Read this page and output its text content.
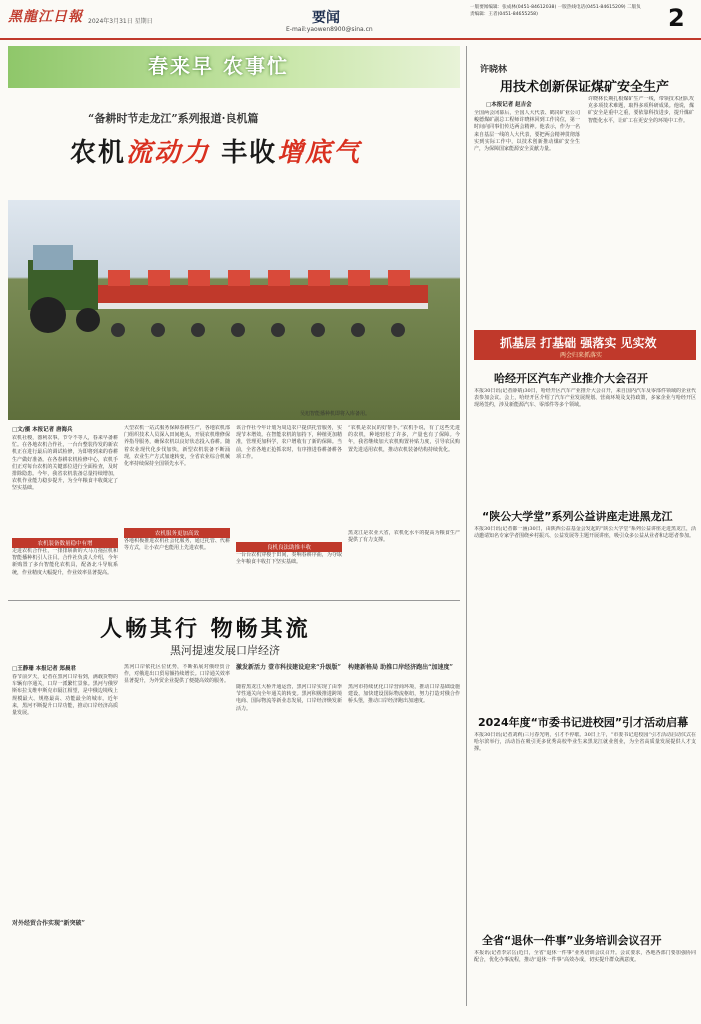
黑龍江日報 2024年3月31日 星期日	要闻
E-mail:yaowen8900@sina.cn
一版要闻编辑：张成林(0451-84612038) 一版热线电话(0451-84615209) 二版负责编辑：王者(0451-84655258)	2
春来早 农事忙
“备耕时节走龙江”系列报道·良机篇
农机流动力 丰收增底气
吴旭智能播种机即将入库备用。
□文/摄 本报记者 唐海兵
农机社稷，器利农事。节令不等人，春来早备耕忙。在各地农机合作社，一台台整装待发的新农机正在进行最后的调试检修，为即将到来的春耕生产做好准备。在各春耕农机检修中心，农机手们正对每台农机的关键部位进行全面检查，及时排除隐患。今年，我省农机装备总量持续增加，农机作业能力稳步提升，为全年粮食丰收奠定了坚实基础。
农机装备数量稳中有增
走进农机合作社，一排排崭新的大马力拖拉机和智能播种机引人注目。合作社负责人介绍，今年新购置了多台智能化农机具，配备北斗导航系统，作业精度大幅提升，作业效率显著提高。
大型农机一站式服务保障春耕生产，各地农机部门组织技术人员深入田间地头，开展农机维修保养指导服务，确保农机以良好状态投入春耕。随着农业现代化步伐加快，新型农机装备不断涌现，农业生产方式加速转变，全省农业综合机械化率持续保持全国领先水平。
农机服务更加高效
各地积极推进农机社会化服务，通过托管、代耕等方式，让小农户也能用上先进农机。
该合作社今年计划为周边农户提供托管服务，实现节本增效。在智能农机的加持下，种植更加精准，管理更加科学，农户增收有了新的保障。当前，全省各地正抢抓农时，有序推进春耕备耕各项工作。
良机良法助推丰收
一台台农机穿梭于田间，奏响春耕序曲，为夺取全年粮食丰收打下坚实基础。
“农机是农民的好帮手。”农机手说，有了这些先进的农机，种地轻松了许多，产量也有了保障。今年，我省继续加大农机购置补贴力度，引导农民购置先进适用农机，推动农机装备结构持续优化。
黑龙江是农业大省，农机化水平的提高为粮食生产提供了有力支撑。
许晓林
用技术创新保证煤矿安全生产
□本报记者 赵吉会
全国两会闭幕后，全国人大代表、鹤岗矿业公司峻德煤矿副总工程师许晓林回到工作岗位，第一时间向同事们传达两会精神。他表示，作为一名来自基层一线的人大代表，要把两会精神贯彻落实到实际工作中，以技术创新推动煤矿安全生产，为保障国家能源安全贡献力量。
许晓林长期扎根煤矿生产一线，带领技术团队攻克多项技术难题，取得多项科研成果。他说，煤矿安全是重中之重，要依靠科技进步，提升煤矿智能化水平，让矿工在更安全的环境中工作。
抓基层 打基础 强落实 见实效
两会归来抓落实
哈经开区汽车产业推介大会召开
本报30日讯(记者薛婧)30日，哈经开区汽车产业推介大会召开，来自国内汽车及零部件领域的企业代表参加会议。会上，哈经开区介绍了汽车产业发展规划、营商环境及支持政策，多家企业与哈经开区现场签约，涉及新能源汽车、零部件等多个领域。
“陕公大学堂”系列公益讲座走进黑龙江
本报30日讯(记者都一涵)30日，由陕西公益基金会发起的“陕公大学堂”系列公益讲座走进黑龙江，活动邀请知名专家学者围绕乡村振兴、公益发展等主题开展讲座，吸引众多公益从业者和志愿者参加。
2024年度“市委书记进校园”引才活动启幕
本报30日讯(记者刘莉)三月春光明，引才不停歇。30日上午，“市委书记进校园”引才活动启动仪式在哈尔滨举行，活动旨在吸引更多优秀高校毕业生来黑龙江就业创业，为全省高质量发展提供人才支撑。
全省“退休一件事”业务培训会议召开
本报讯(记者李宗岳)近日，全省“退休一件事”业务培训会议召开。会议要求，各地各部门要加强协同配合，优化办事流程，推动“退休一件事”高效办成，切实提升群众满意度。
人畅其行 物畅其流
黑河提速发展口岸经济
□王静珊 本报记者 郑晨君
春节前夕天，记者在黑河口岸看到，满载货物的车辆有序通关，口岸一派繁忙景象。黑河与俄罗斯布拉戈维申斯克市隔江相望，是中俄边境线上规模最大、规格最高、功能最全的城市。近年来，黑河不断提升口岸功能，推动口岸经济高质量发展。
对外经贸合作实现“新突破”
黑河口岸依托区位优势，不断拓展对俄经贸合作，对俄进出口贸易额持续增长。口岸通关效率显著提升，为外贸企业提供了便捷高效的服务。
激发新活力 壹市科技建设迎来“升级版”
随着黑龙江大桥开通运营，黑河口岸实现了由季节性通关向全年通关的转变。黑河积极推进跨境电商、国际物流等新业态发展，口岸经济焕发新活力。
构建新格局 助推口岸经济跑出“加速度”
黑河市持续优化口岸营商环境，推动口岸基础设施建设，加快建设国际物流枢纽，努力打造对俄合作桥头堡，推动口岸经济跑出加速度。
